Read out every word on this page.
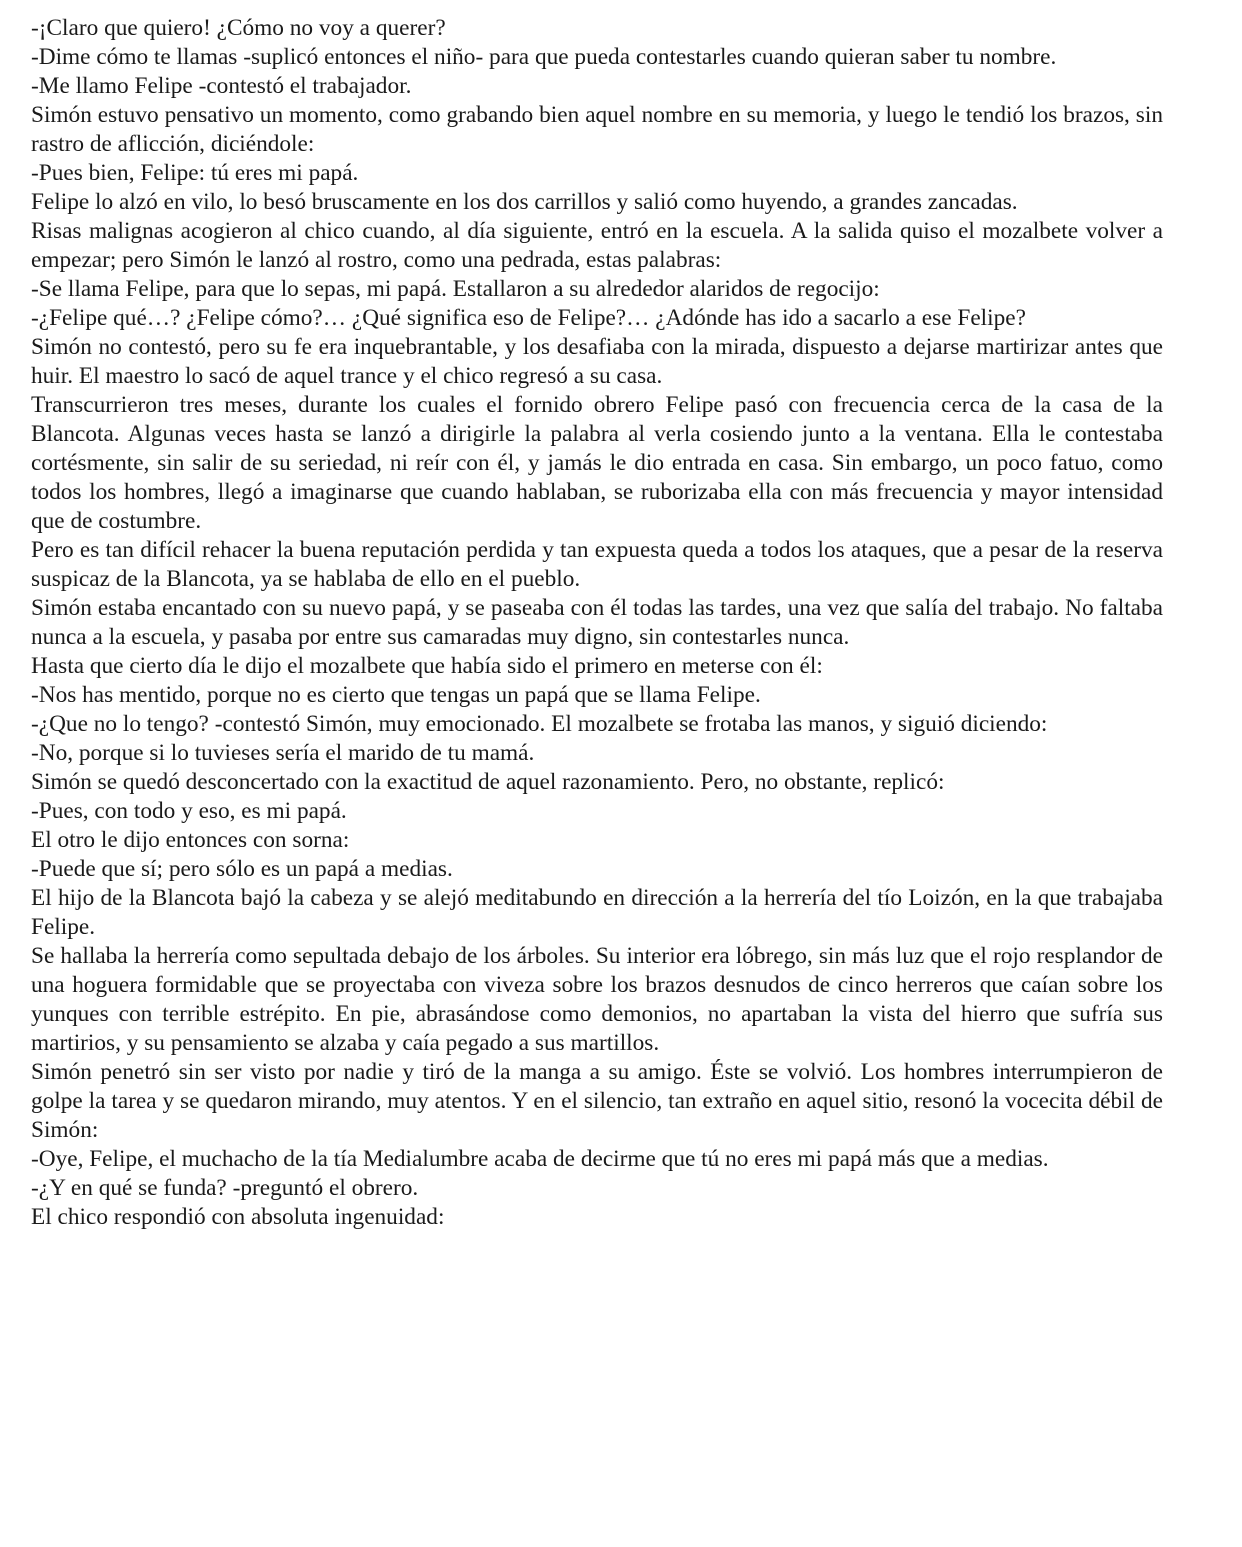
-¡Claro que quiero! ¿Cómo no voy a querer?

-Dime cómo te llamas -suplicó entonces el niño- para que pueda contestarles cuando quieran saber tu nombre.

-Me llamo Felipe -contestó el trabajador.

Simón estuvo pensativo un momento, como grabando bien aquel nombre en su memoria, y luego le tendió los brazos, sin rastro de aflicción, diciéndole:

-Pues bien, Felipe: tú eres mi papá.

Felipe lo alzó en vilo, lo besó bruscamente en los dos carrillos y salió como huyendo, a grandes zancadas.

Risas malignas acogieron al chico cuando, al día siguiente, entró en la escuela. A la salida quiso el mozalbete volver a empezar; pero Simón le lanzó al rostro, como una pedrada, estas palabras:

-Se llama Felipe, para que lo sepas, mi papá. Estallaron a su alrededor alaridos de regocijo:

-¿Felipe qué…? ¿Felipe cómo?… ¿Qué significa eso de Felipe?… ¿Adónde has ido a sacarlo a ese Felipe?

Simón no contestó, pero su fe era inquebrantable, y los desafiaba con la mirada, dispuesto a dejarse martirizar antes que huir. El maestro lo sacó de aquel trance y el chico regresó a su casa.

Transcurrieron tres meses, durante los cuales el fornido obrero Felipe pasó con frecuencia cerca de la casa de la Blancota. Algunas veces hasta se lanzó a dirigirle la palabra al verla cosiendo junto a la ventana. Ella le contestaba cortésmente, sin salir de su seriedad, ni reír con él, y jamás le dio entrada en casa. Sin embargo, un poco fatuo, como todos los hombres, llegó a imaginarse que cuando hablaban, se ruborizaba ella con más frecuencia y mayor intensidad que de costumbre.

Pero es tan difícil rehacer la buena reputación perdida y tan expuesta queda a todos los ataques, que a pesar de la reserva suspicaz de la Blancota, ya se hablaba de ello en el pueblo.

Simón estaba encantado con su nuevo papá, y se paseaba con él todas las tardes, una vez que salía del trabajo. No faltaba nunca a la escuela, y pasaba por entre sus camaradas muy digno, sin contestarles nunca.

Hasta que cierto día le dijo el mozalbete que había sido el primero en meterse con él:

-Nos has mentido, porque no es cierto que tengas un papá que se llama Felipe.

-¿Que no lo tengo? -contestó Simón, muy emocionado. El mozalbete se frotaba las manos, y siguió diciendo:

-No, porque si lo tuvieses sería el marido de tu mamá.

Simón se quedó desconcertado con la exactitud de aquel razonamiento. Pero, no obstante, replicó:

-Pues, con todo y eso, es mi papá.

El otro le dijo entonces con sorna:

-Puede que sí; pero sólo es un papá a medias.

El hijo de la Blancota bajó la cabeza y se alejó meditabundo en dirección a la herrería del tío Loizón, en la que trabajaba Felipe.

Se hallaba la herrería como sepultada debajo de los árboles. Su interior era lóbrego, sin más luz que el rojo resplandor de una hoguera formidable que se proyectaba con viveza sobre los brazos desnudos de cinco herreros que caían sobre los yunques con terrible estrépito. En pie, abrasándose como demonios, no apartaban la vista del hierro que sufría sus martirios, y su pensamiento se alzaba y caía pegado a sus martillos.

Simón penetró sin ser visto por nadie y tiró de la manga a su amigo. Éste se volvió. Los hombres interrumpieron de golpe la tarea y se quedaron mirando, muy atentos. Y en el silencio, tan extraño en aquel sitio, resonó la vocecita débil de Simón:

-Oye, Felipe, el muchacho de la tía Medialumbre acaba de decirme que tú no eres mi papá más que a medias.

-¿Y en qué se funda? -preguntó el obrero.

El chico respondió con absoluta ingenuidad:
